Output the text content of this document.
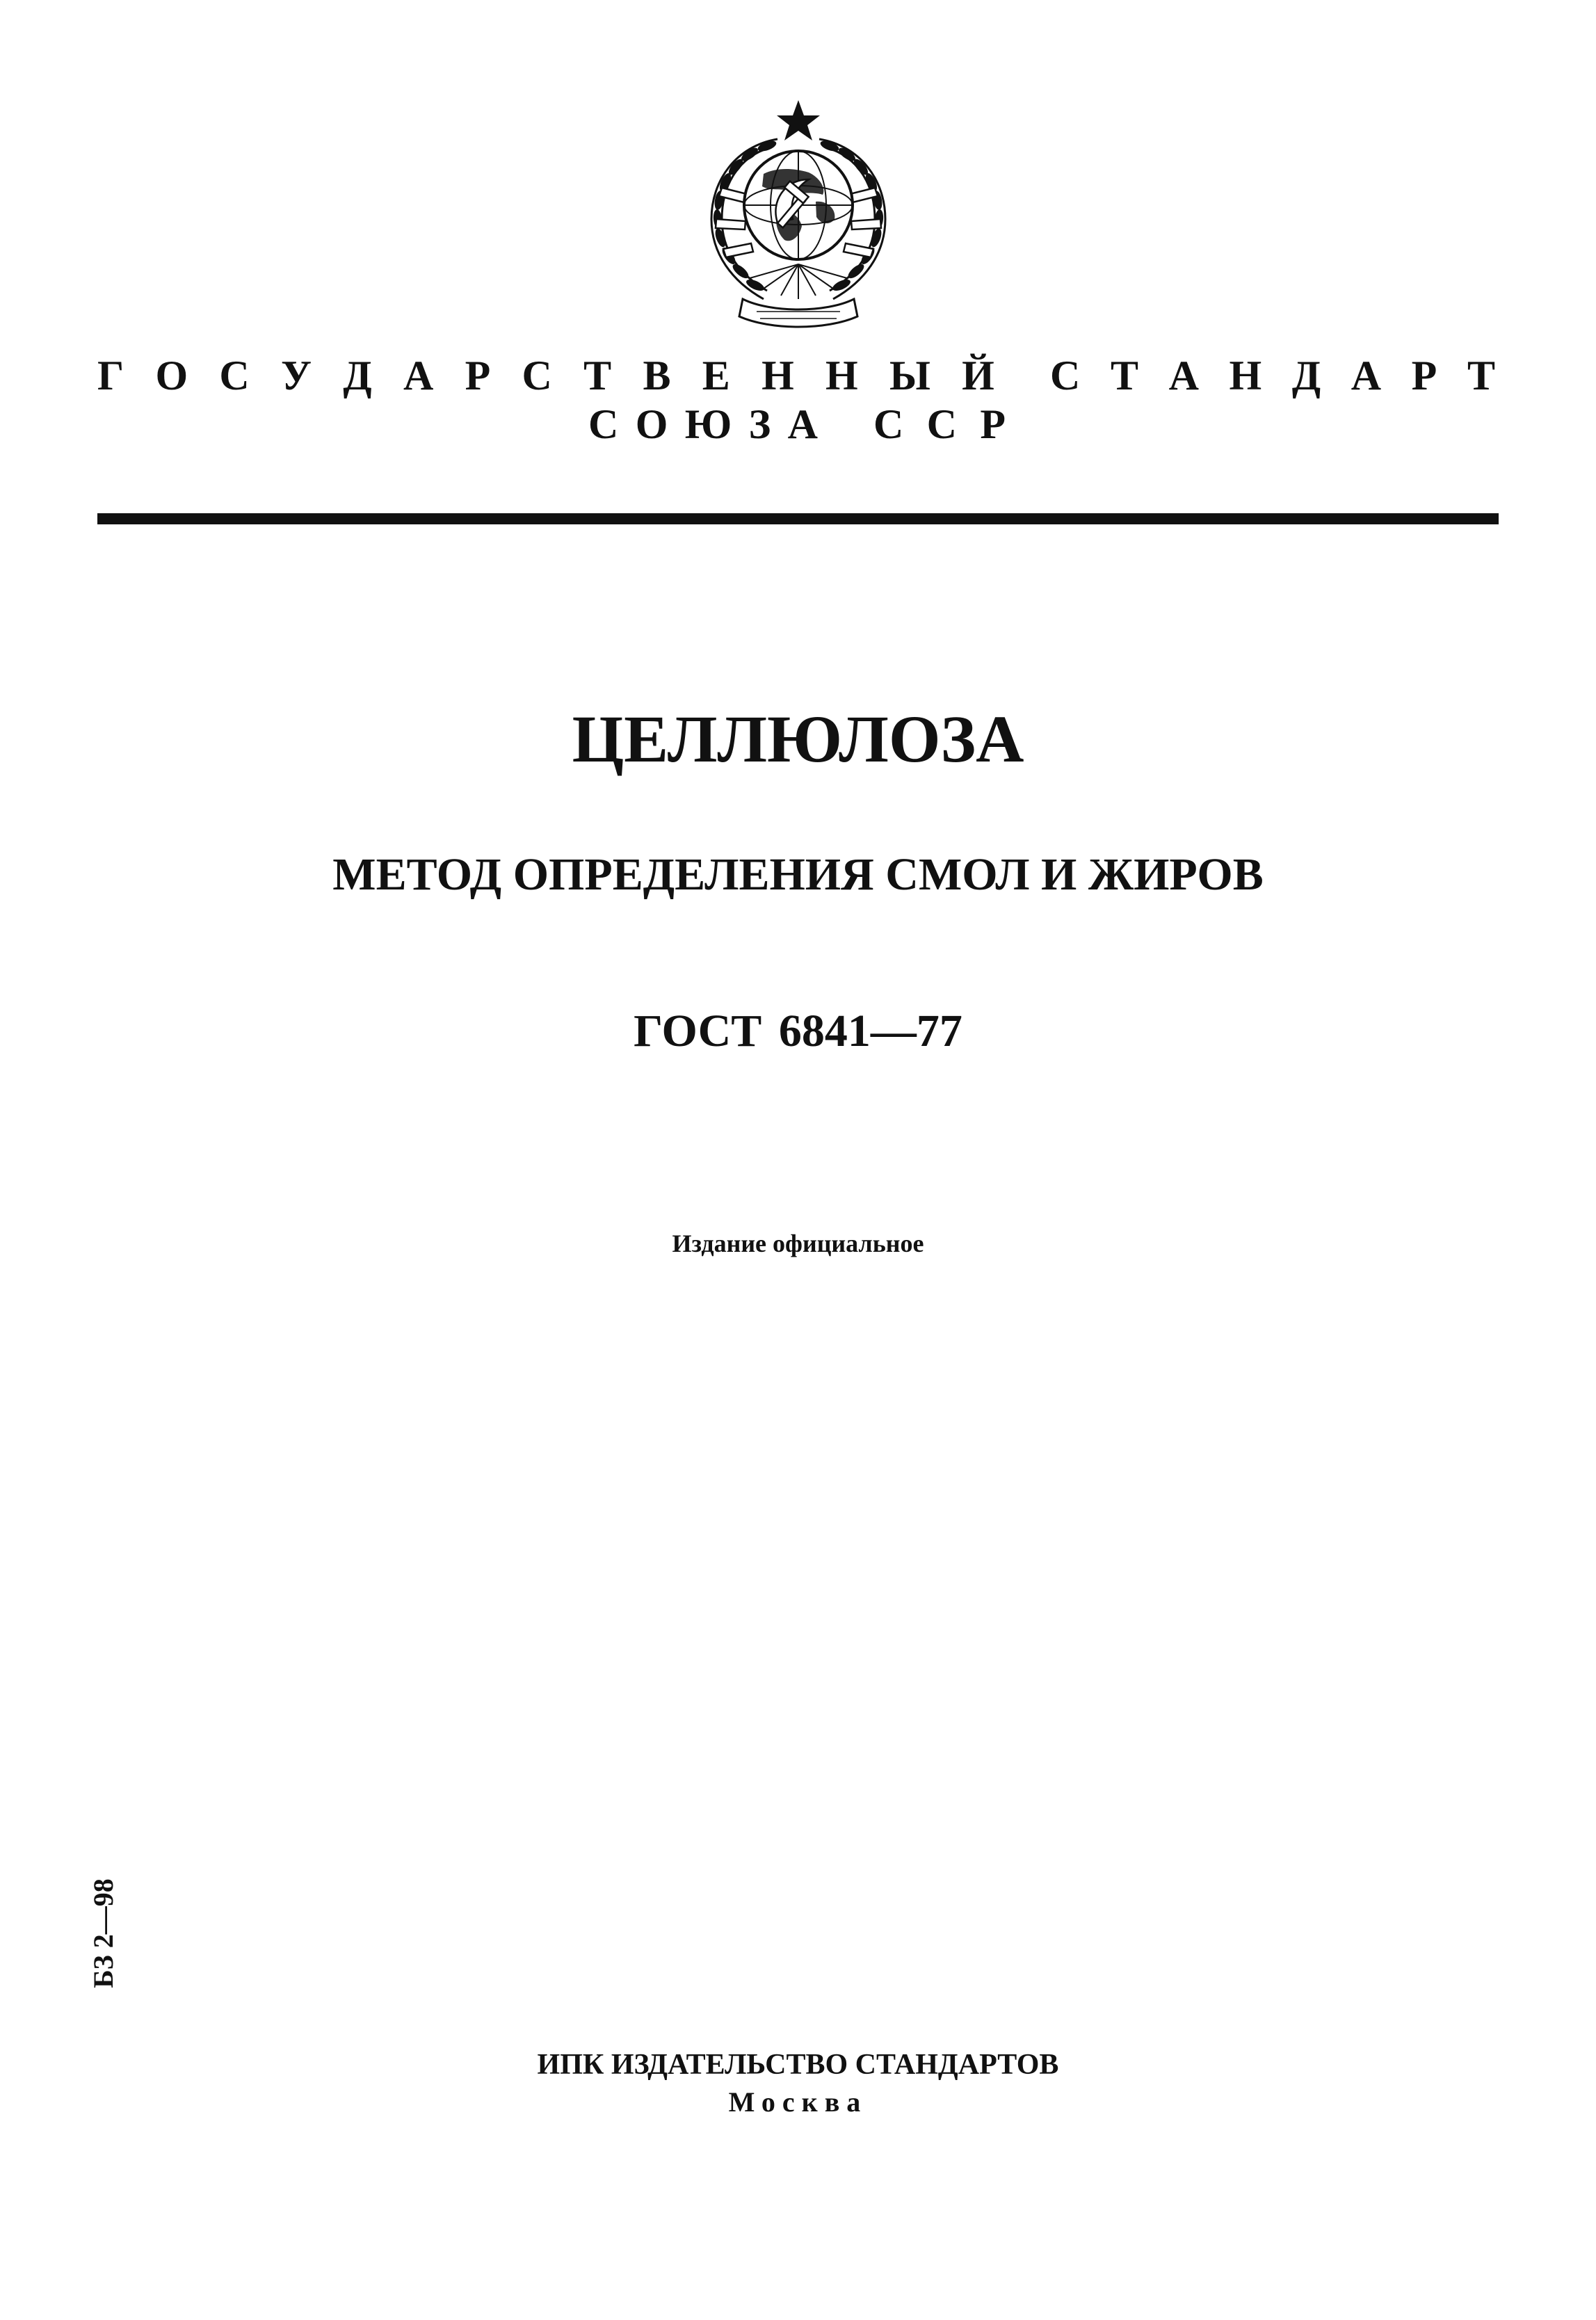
Г О С У Д А Р С Т В Е Н Н Ы Й С Т А Н Д А Р Т
С О Ю З А С С Р
ЦЕЛЛЮЛОЗА
МЕТОД ОПРЕДЕЛЕНИЯ СМОЛ И ЖИРОВ
ГОСТ 6841—77
Издание официальное
БЗ 2—98
ИПК ИЗДАТЕЛЬСТВО СТАНДАРТОВ
Москва
